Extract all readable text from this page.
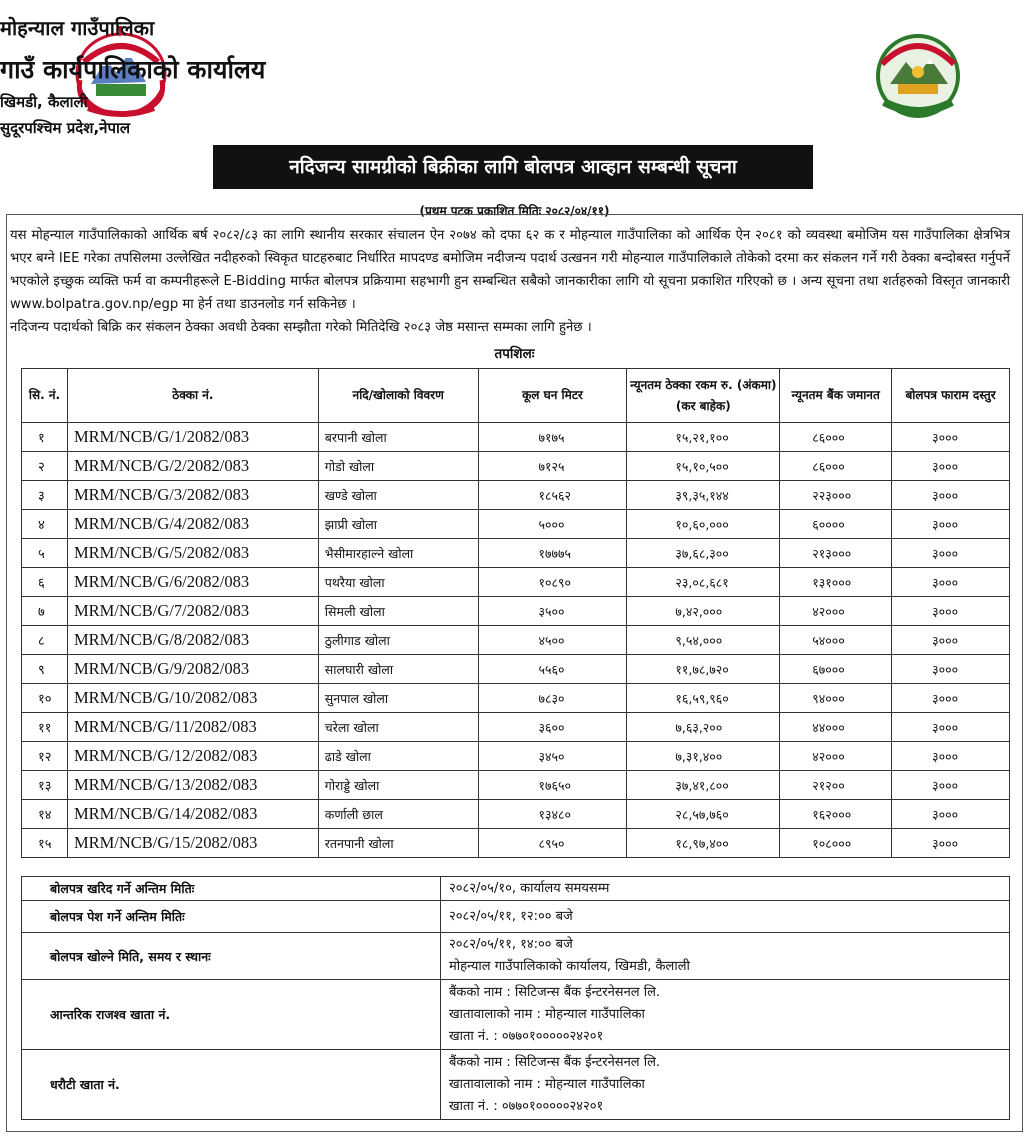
मोहन्याल गाउँपालिका
गाउँ कार्यपालिकाको कार्यालय
खिमडी, कैलाली
सुदूरपश्चिम प्रदेश,नेपाल
नदिजन्य सामग्रीको बिक्रीका लागि बोलपत्र आव्हान सम्बन्धी सूचना
(प्रथम पटक प्रकाशित मितिः २०८२/०४/११)

यस मोहन्याल गाउँपालिकाको आर्थिक बर्ष २०८२/८३ का लागि स्थानीय सरकार संचालन ऐन २०७४ को दफा ६२ क र मोहन्याल गाउँपालिका को आर्थिक ऐन २०८१ को व्यवस्था बमोजिम यस गाउँपालिका क्षेत्रभित्र भएर बग्ने IEE गरेका तपसिलमा उल्लेखित नदीहरुको स्विकृत घाटहरुबाट निर्धारित मापदण्ड बमोजिम नदीजन्य पदार्थ उत्खनन गरी मोहन्याल गाउँपालिकाले तोकेको दरमा कर संकलन गर्ने गरी ठेक्का बन्दोबस्त गर्नुपर्ने भएकोले इच्छुक व्यक्ति फर्म वा कम्पनीहरूले E-Bidding मार्फत बोलपत्र प्रक्रियामा सहभागी हुन सम्बन्धित सबैको जानकारीका लागि यो सूचना प्रकाशित गरिएको छ । अन्य सूचना तथा शर्तहरुको विस्तृत जानकारी www.bolpatra.gov.np/egp मा हेर्न तथा डाउनलोड गर्न सकिनेछ ।

नदिजन्य पदार्थको बिक्रि कर संकलन ठेक्का अवधी ठेक्का सम्झौता गरेको मितिदेखि २०८३ जेष्ठ मसान्त सम्मका लागि हुनेछ ।

तपशिलः
सि. नं.	ठेक्का नं.	नदि/खोलाको विवरण	कूल घन मिटर	न्यूनतम ठेक्का रकम रु. (अंकमा) (कर बाहेक)	न्यूनतम बैंक जमानत	बोलपत्र फाराम दस्तुर
१	MRM/NCB/G/1/2082/083	बरपानी खोला	७१७५	१५,२१,१००	८६०००	३०००
२	MRM/NCB/G/2/2082/083	गोडो खोला	७१२५	१५,१०,५००	८६०००	३०००
३	MRM/NCB/G/3/2082/083	खण्डे खोला	१८५६२	३९,३५,१४४	२२३०००	३०००
४	MRM/NCB/G/4/2082/083	झाप्री खोला	५०००	१०,६०,०००	६००००	३०००
५	MRM/NCB/G/5/2082/083	भैसीमारहाल्ने खोला	१७७७५	३७,६८,३००	२१३०००	३०००
६	MRM/NCB/G/6/2082/083	पथरैया खोला	१०८९०	२३,०८,६८१	१३१०००	३०००
७	MRM/NCB/G/7/2082/083	सिमली खोला	३५००	७,४२,०००	४२०००	३०००
८	MRM/NCB/G/8/2082/083	ठुलीगाड खोला	४५००	९,५४,०००	५४०००	३०००
९	MRM/NCB/G/9/2082/083	सालघारी खोला	५५६०	११,७८,७२०	६७०००	३०००
१०	MRM/NCB/G/10/2082/083	सुनपाल खोला	७८३०	१६,५९,९६०	९४०००	३०००
११	MRM/NCB/G/11/2082/083	चरेला खोला	३६००	७,६३,२००	४४०००	३०००
१२	MRM/NCB/G/12/2082/083	ढाडे खोला	३४५०	७,३१,४००	४२०००	३०००
१३	MRM/NCB/G/13/2082/083	गोराड्डे खोला	१७६५०	३७,४१,८००	२१२००	३०००
१४	MRM/NCB/G/14/2082/083	कर्णाली छाल	१३४८०	२८,५७,७६०	१६२०००	३०००
१५	MRM/NCB/G/15/2082/083	रतनपानी खोला	८९५०	१८,९७,४००	१०८०००	३०००
बोलपत्र खरिद गर्ने अन्तिम मितिः	२०८२/०५/१०, कार्यालय समयसम्म
बोलपत्र पेश गर्ने अन्तिम मितिः	२०८२/०५/११, १२:०० बजे
बोलपत्र खोल्ने मिति, समय र स्थानः	२०८२/०५/११, १४:०० बजे
मोहन्याल गाउँपालिकाको कार्यालय, खिमडी, कैलाली

आन्तरिक राजश्व खाता नं.	बैंकको नाम : सिटिजन्स बैंक ईन्टरनेसनल लि.
खातावालाको नाम : मोहन्याल गाउँपालिका
खाता नं. : ०७७०१०००००२४२०१

धरौटी खाता नं.	बैंकको नाम : सिटिजन्स बैंक ईन्टरनेसनल लि.
खातावालाको नाम : मोहन्याल गाउँपालिका
खाता नं. : ०७७०१०००००२४२०१
